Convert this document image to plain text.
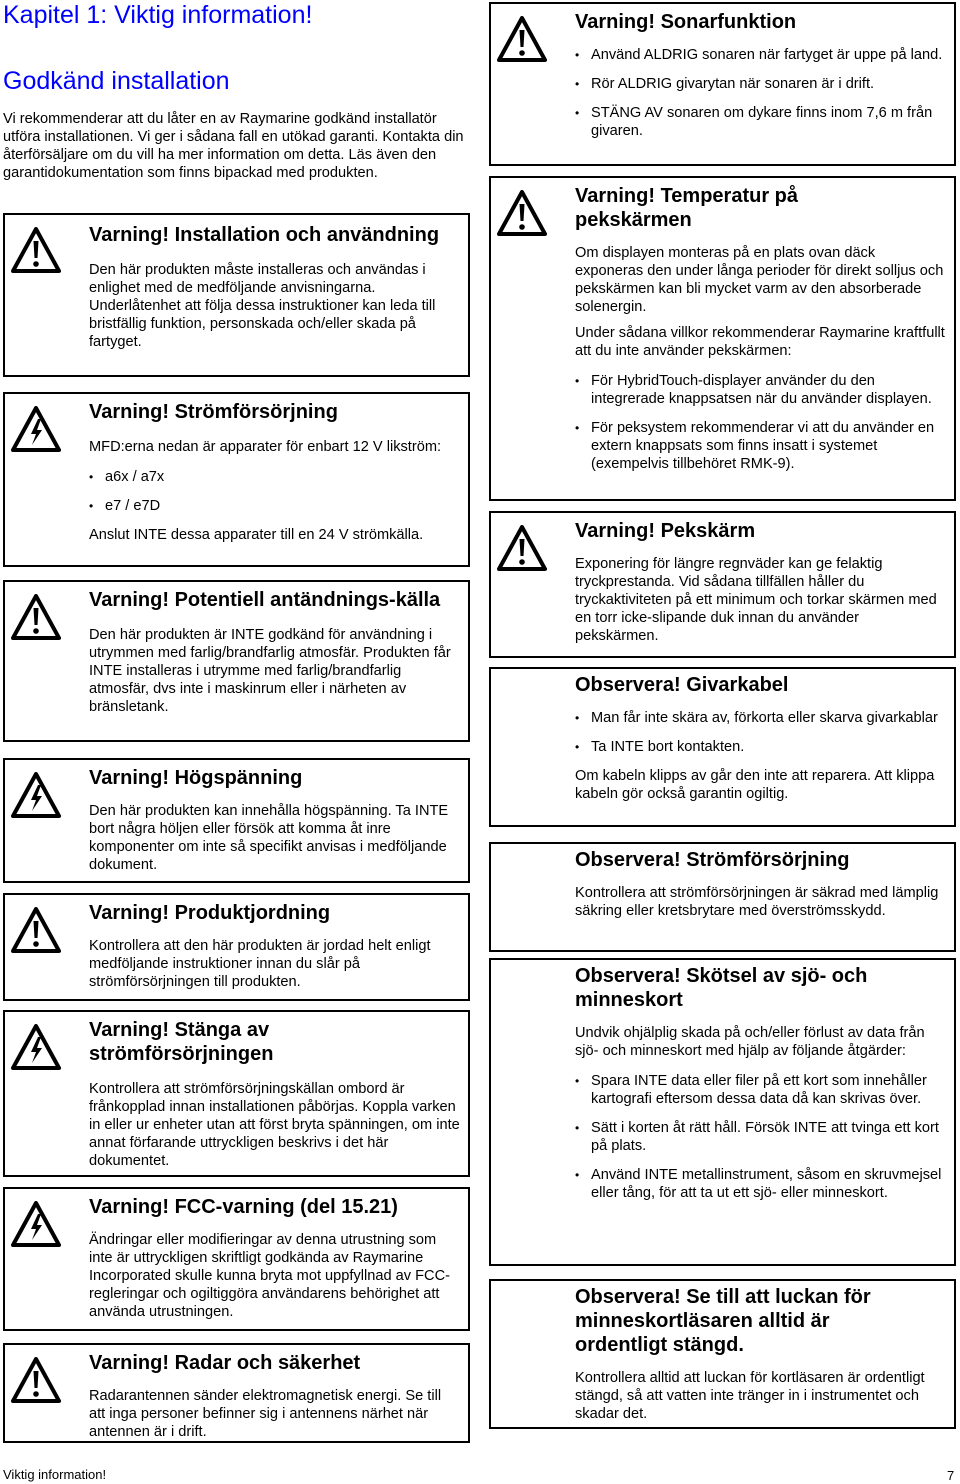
Kapitel 1: Viktig information!
Godkänd installation

Vi rekommenderar att du låter en av Raymarine godkänd installatör utföra installationen. Vi ger i sådana fall en utökad garanti. Kontakta din återförsäljare om du vill ha mer information om detta. Läs även den garantidokumentation som finns bipackad med produkten.

Varning! Installation och användning

Den här produkten måste installeras och användas i enlighet med de medföljande anvisningarna. Underlåtenhet att följa dessa instruktioner kan leda till bristfällig funktion, personskada och/eller skada på fartyget.

Varning! Strömförsörjning

MFD:erna nedan är apparater för enbart 12 V likström:

• a6x / a7x
• e7 / e7D

Anslut INTE dessa apparater till en 24 V strömkälla.

Varning! Potentiell antändnings-källa

Den här produkten är INTE godkänd för användning i utrymmen med farlig/brandfarlig atmosfär. Produkten får INTE installeras i utrymme med farlig/brandfarlig atmosfär, dvs inte i maskinrum eller i närheten av bränsletank.

Varning! Högspänning

Den här produkten kan innehålla högspänning. Ta INTE bort några höljen eller försök att komma åt inre komponenter om inte så specifikt anvisas i medföljande dokument.

Varning! Produktjordning

Kontrollera att den här produkten är jordad helt enligt medföljande instruktioner innan du slår på strömförsörjningen till produkten.

Varning! Stänga av strömförsörjningen

Kontrollera att strömförsörjningskällan ombord är frånkopplad innan installationen påbörjas. Koppla varken in eller ur enheter utan att först bryta spänningen, om inte annat förfarande uttryckligen beskrivs i det här dokumentet.

Varning! FCC-varning (del 15.21)

Ändringar eller modifieringar av denna utrustning som inte är uttryckligen skriftligt godkända av Raymarine Incorporated skulle kunna bryta mot uppfyllnad av FCC-regleringar och ogiltiggöra användarens behörighet att använda utrustningen.

Varning! Radar och säkerhet

Radarantennen sänder elektromagnetisk energi. Se till att inga personer befinner sig i antennens närhet när antennen är i drift.

Varning! Sonarfunktion
• Använd ALDRIG sonaren när fartyget är uppe på land.
• Rör ALDRIG givarytan när sonaren är i drift.
• STÄNG AV sonaren om dykare finns inom 7,6 m från givaren.
Varning! Temperatur på pekskärmen

Om displayen monteras på en plats ovan däck exponeras den under långa perioder för direkt solljus och pekskärmen kan bli mycket varm av den absorberade solenergin.

Under sådana villkor rekommenderar Raymarine kraftfullt att du inte använder pekskärmen:

• För HybridTouch-displayer använder du den integrerade knappsatsen när du använder displayen.
• För peksystem rekommenderar vi att du använder en extern knappsats som finns insatt i systemet (exempelvis tillbehöret RMK-9).
Varning! Pekskärm

Exponering för längre regnväder kan ge felaktig tryckprestanda. Vid sådana tillfällen håller du tryckaktiviteten på ett minimum och torkar skärmen med en torr icke-slipande duk innan du använder pekskärmen.

Observera! Givarkabel
• Man får inte skära av, förkorta eller skarva givarkablar
• Ta INTE bort kontakten.

Om kabeln klipps av går den inte att reparera. Att klippa kabeln gör också garantin ogiltig.

Observera! Strömförsörjning

Kontrollera att strömförsörjningen är säkrad med lämplig säkring eller kretsbrytare med överströmsskydd.

Observera! Skötsel av sjö- och minneskort

Undvik ohjälplig skada på och/eller förlust av data från sjö- och minneskort med hjälp av följande åtgärder:

• Spara INTE data eller filer på ett kort som innehåller kartografi eftersom dessa data då kan skrivas över.
• Sätt i korten åt rätt håll. Försök INTE att tvinga ett kort på plats.
• Använd INTE metallinstrument, såsom en skruvmejsel eller tång, för att ta ut ett sjö- eller minneskort.
Observera! Se till att luckan för minneskortläsaren alltid är ordentligt stängd.

Kontrollera alltid att luckan för kortläsaren är ordentligt stängd, så att vatten inte tränger in i instrumentet och skadar det.

Viktig information!	7
